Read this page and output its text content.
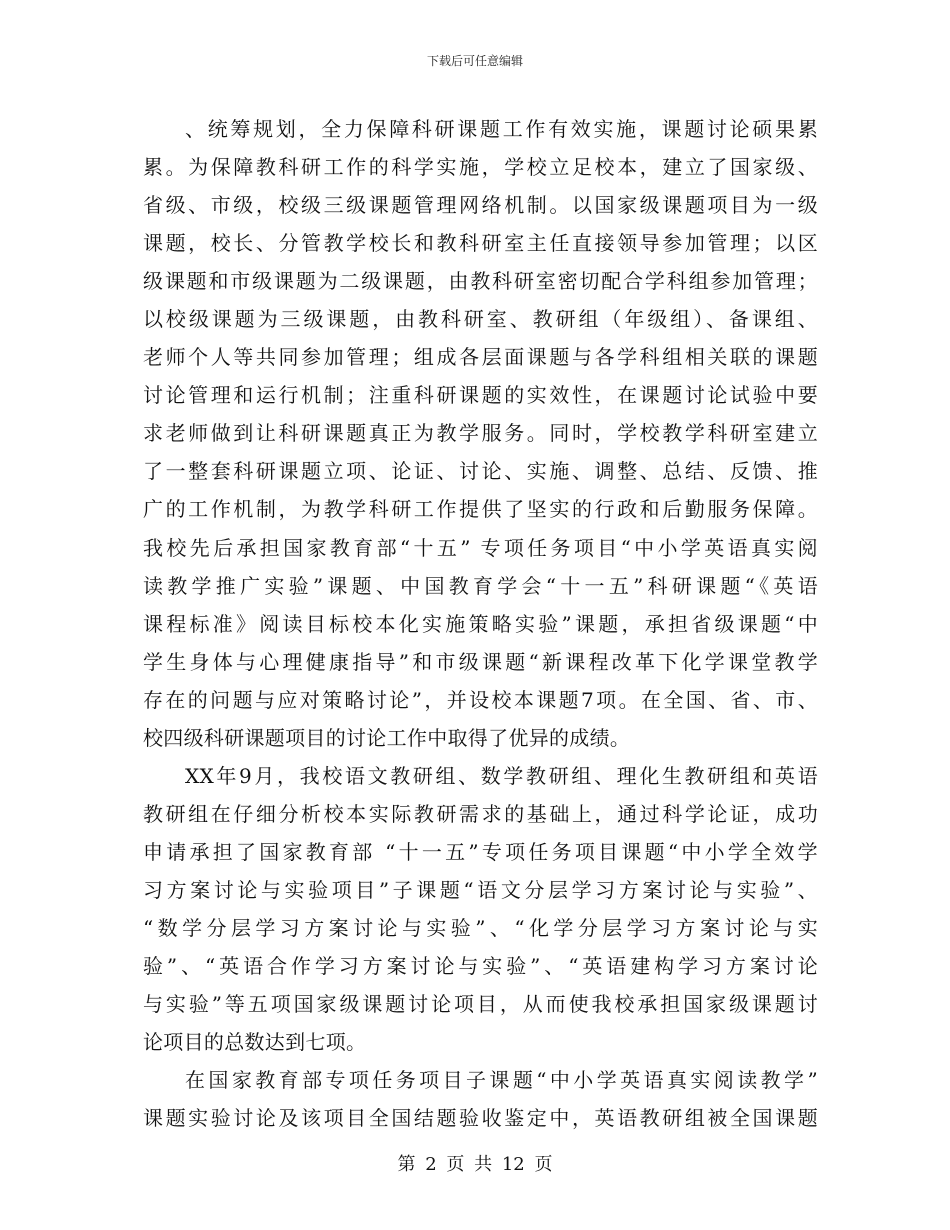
下载后可任意编辑
、统筹规划，全力保障科研课题工作有效实施，课题讨论硕果累
累。为保障教科研工作的科学实施，学校立足校本，建立了国家级、
省级、市级，校级三级课题管理网络机制。以国家级课题项目为一级
课题，校长、分管教学校长和教科研室主任直接领导参加管理；以区
级课题和市级课题为二级课题，由教科研室密切配合学科组参加管理；
以校级课题为三级课题，由教科研室、教研组（年级组）、备课组、
老师个人等共同参加管理；组成各层面课题与各学科组相关联的课题
讨论管理和运行机制；注重科研课题的实效性，在课题讨论试验中要
求老师做到让科研课题真正为教学服务。同时，学校教学科研室建立
了一整套科研课题立项、论证、讨论、实施、调整、总结、反馈、推
广的工作机制，为教学科研工作提供了坚实的行政和后勤服务保障。
我校先后承担国家教育部“十五” 专项任务项目“中小学英语真实阅
读教学推广实验”课题、中国教育学会“十一五”科研课题“《英语
课程标准》阅读目标校本化实施策略实验”课题，承担省级课题“中
学生身体与心理健康指导”和市级课题“新课程改革下化学课堂教学
存在的问题与应对策略讨论”，并设校本课题7项。在全国、省、市、
校四级科研课题项目的讨论工作中取得了优异的成绩。
XX年9月，我校语文教研组、数学教研组、理化生教研组和英语
教研组在仔细分析校本实际教研需求的基础上，通过科学论证，成功
申请承担了国家教育部 “十一五”专项任务项目课题“中小学全效学
习方案讨论与实验项目”子课题“语文分层学习方案讨论与实验”、
“数学分层学习方案讨论与实验”、“化学分层学习方案讨论与实
验”、“英语合作学习方案讨论与实验”、“英语建构学习方案讨论
与实验”等五项国家级课题讨论项目，从而使我校承担国家级课题讨
论项目的总数达到七项。
在国家教育部专项任务项目子课题“中小学英语真实阅读教学”
课题实验讨论及该项目全国结题验收鉴定中，英语教研组被全国课题
第 2 页 共 12 页
